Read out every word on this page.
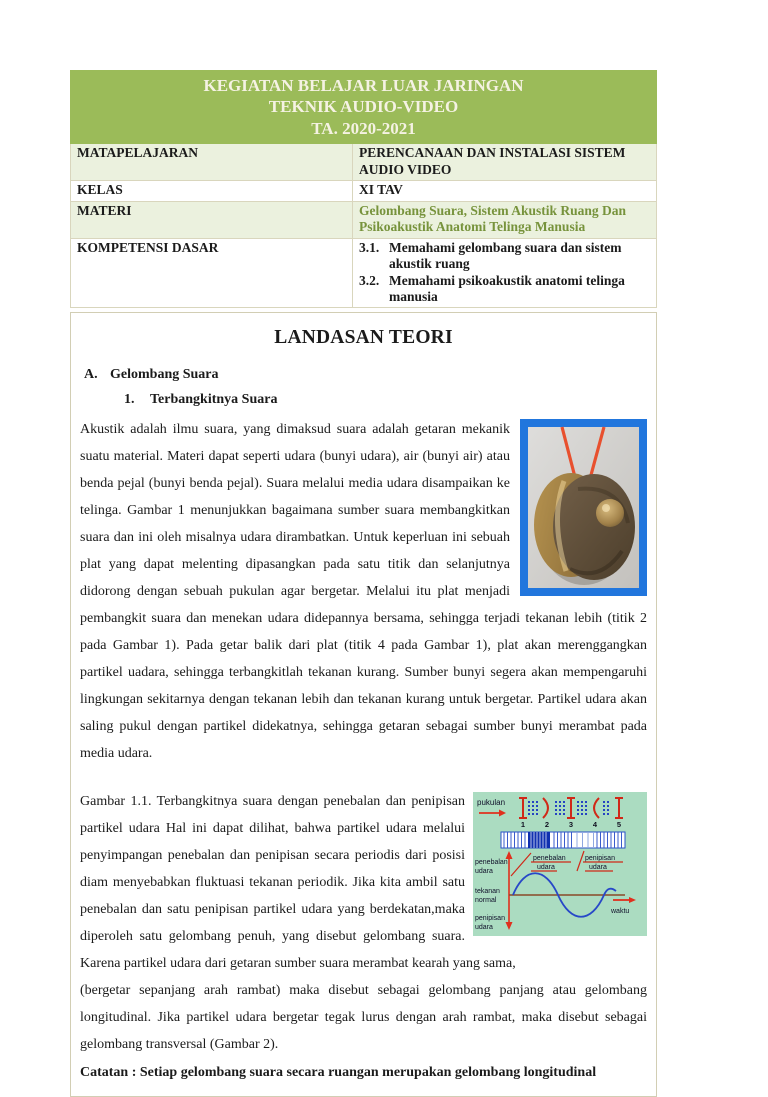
KEGIATAN BELAJAR LUAR JARINGAN
TEKNIK AUDIO-VIDEO
TA. 2020-2021	

MATAPELAJARAN	PERENCANAAN DAN INSTALASI SISTEM AUDIO VIDEO
KELAS	XI TAV
MATERI	Gelombang Suara, Sistem Akustik Ruang Dan Psikoakustik Anatomi Telinga Manusia
KOMPETENSI DASAR	3.1. Memahami gelombang suara dan sistem akustik ruang
3.2. Memahami psikoakustik anatomi telinga manusia
LANDASAN TEORI
A. Gelombang Suara
1.	Terbangkitnya Suara
Akustik adalah ilmu suara, yang dimaksud suara adalah getaran mekanik suatu material. Materi dapat seperti udara (bunyi udara), air (bunyi air) atau benda pejal (bunyi benda pejal). Suara melalui media udara disampaikan ke telinga. Gambar 1 menunjukkan bagaimana sumber suara membangkitkan suara dan ini oleh misalnya udara dirambatkan. Untuk keperluan ini sebuah plat yang dapat melenting dipasangkan pada satu titik dan selanjutnya didorong dengan sebuah pukulan agar bergetar. Melalui itu plat menjadi pembangkit suara dan menekan udara didepannya bersama, sehingga terjadi tekanan lebih (titik 2 pada Gambar 1). Pada getar balik dari plat (titik 4 pada Gambar 1), plat akan merenggangkan partikel uadara, sehingga terbangkitlah tekanan kurang. Sumber bunyi segera akan mempengaruhi lingkungan sekitarnya dengan tekanan lebih dan tekanan kurang untuk bergetar. Partikel udara akan saling pukul dengan partikel didekatnya, sehingga getaran sebagai sumber bunyi merambat pada media udara.
pukulan
1	2	3	4	5
penebalan
udara
penipisan
udara
penebalan
udara
tekanan
normal
penipisan
udara
waktu
Gambar 1.1. Terbangkitnya suara dengan penebalan dan penipisan partikel udara Hal ini dapat dilihat, bahwa partikel udara melalui penyimpangan penebalan dan penipisan secara periodis dari posisi diam menyebabkan fluktuasi tekanan periodik. Jika kita ambil satu penebalan dan satu penipisan partikel udara yang berdekatan,maka diperoleh satu gelombang penuh, yang disebut gelombang suara. Karena partikel udara dari getaran sumber suara merambat kearah yang sama,
(bergetar sepanjang arah rambat) maka disebut sebagai gelombang panjang atau gelombang longitudinal. Jika partikel udara bergetar tegak lurus dengan arah rambat, maka disebut sebagai gelombang transversal (Gambar 2).
Catatan : Setiap gelombang suara secara ruangan merupakan gelombang longitudinal
